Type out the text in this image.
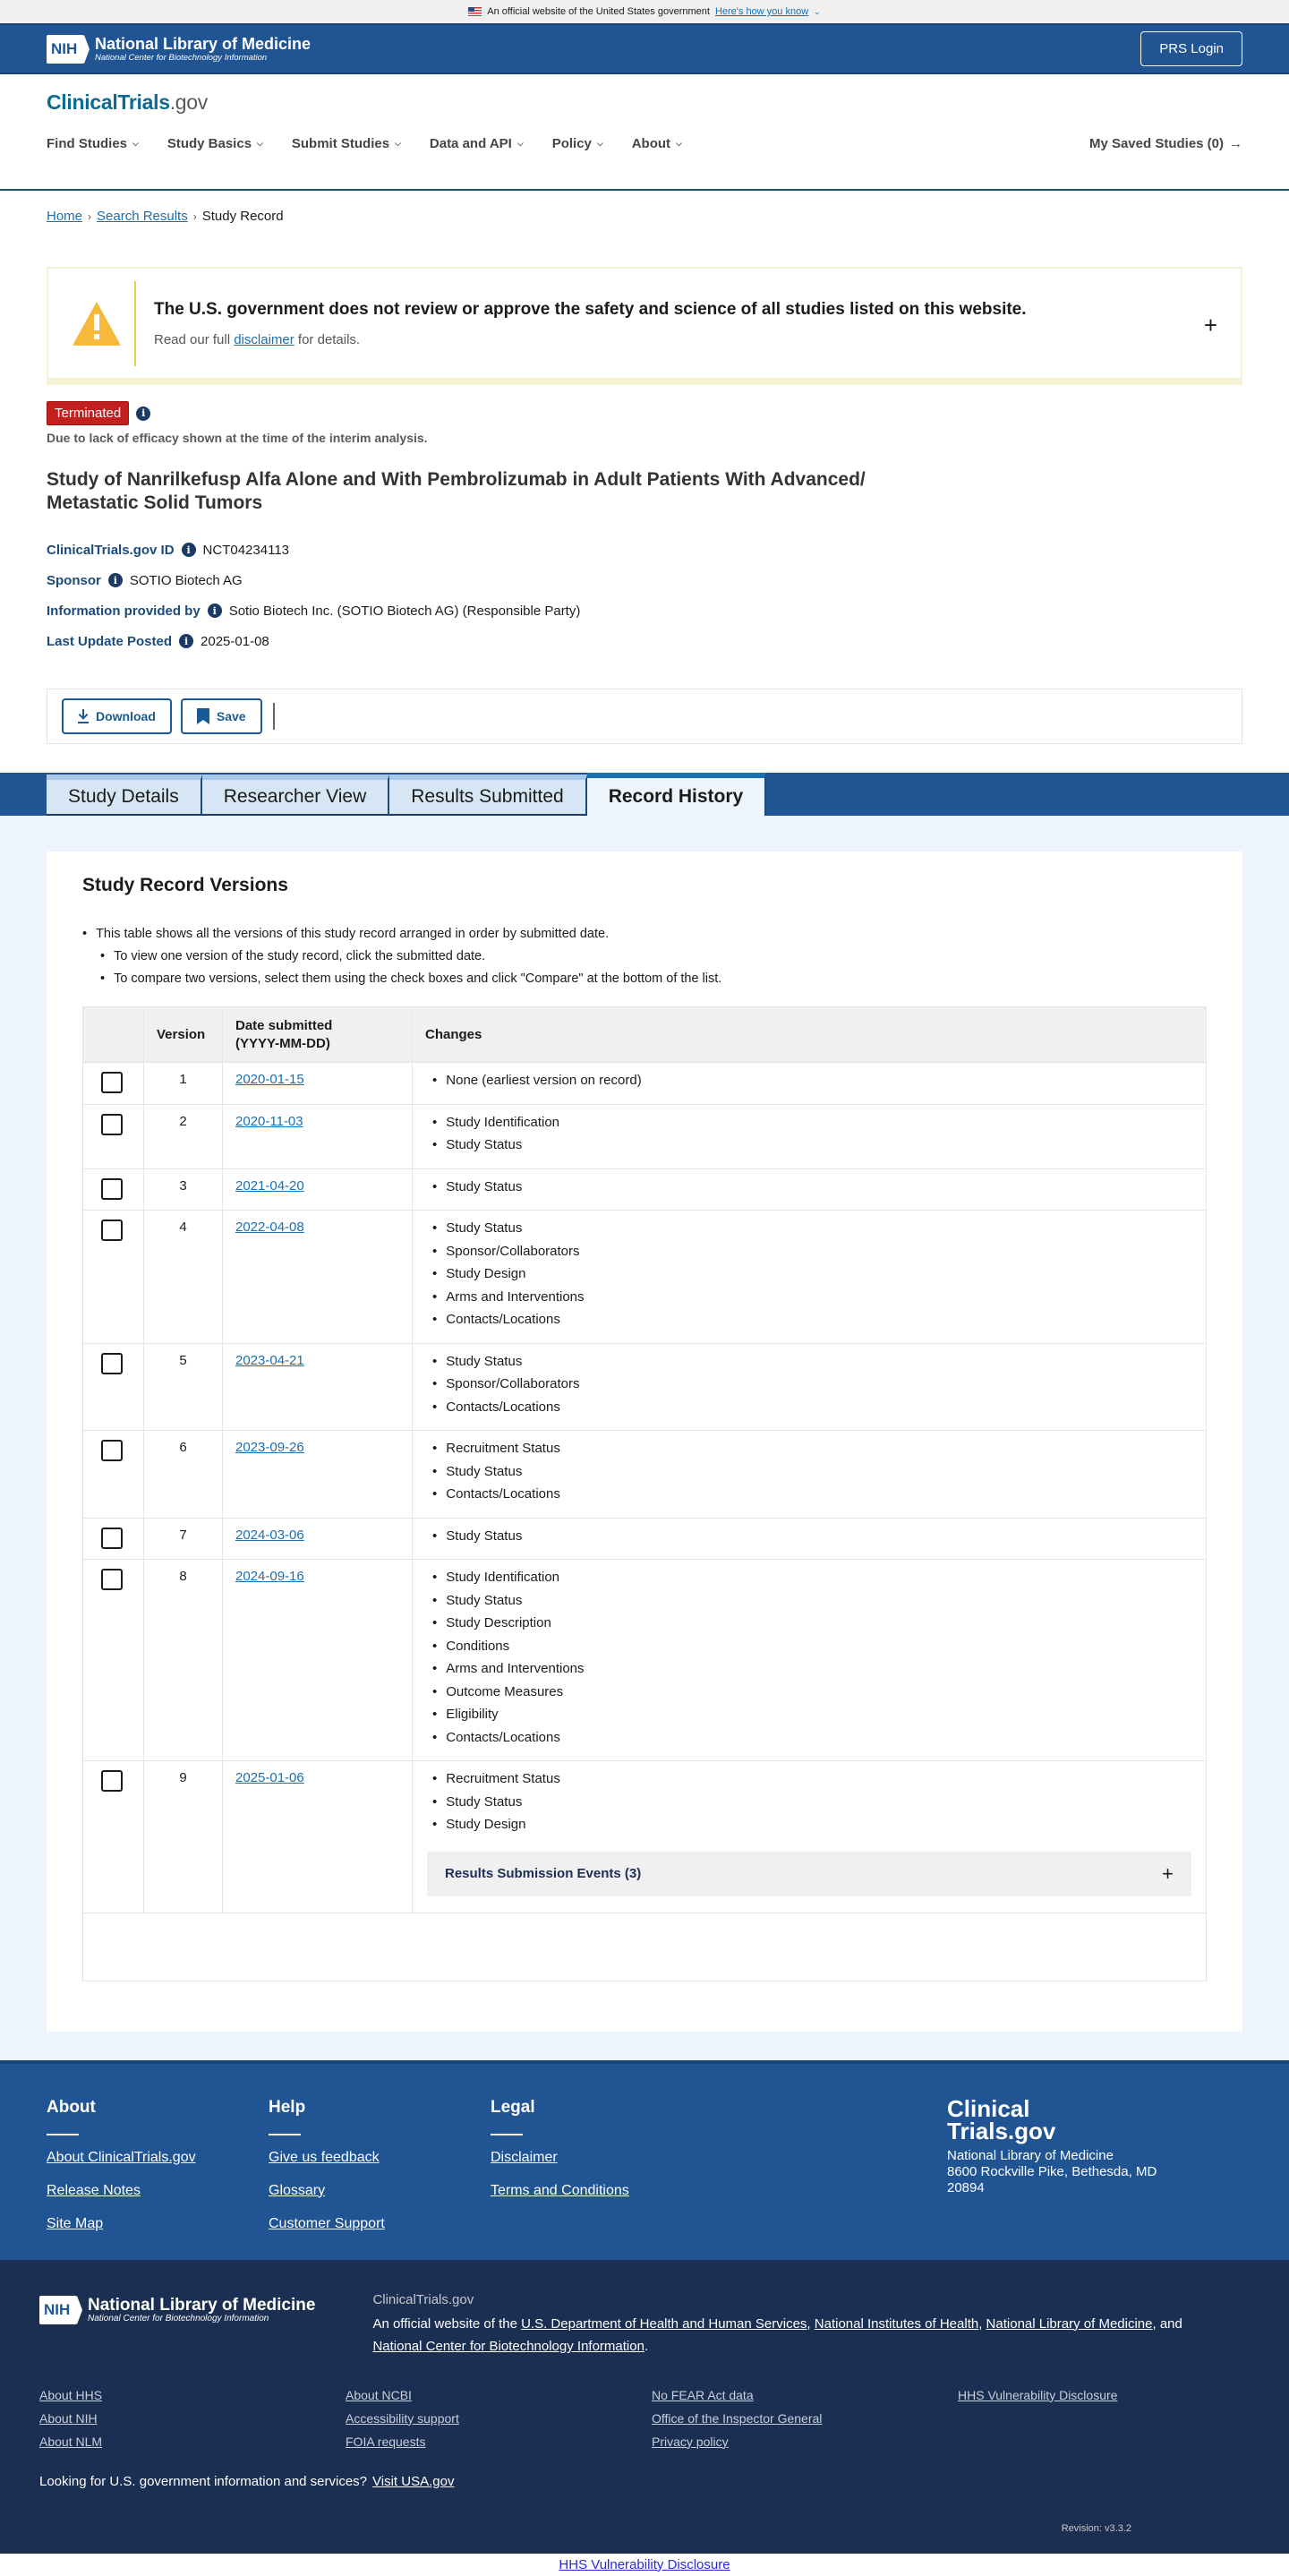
An official website of the United States government Here's how you know ⌄
NIH	National Library of Medicine
National Center for Biotechnology Information
PRS Login
ClinicalTrials.gov
Find Studies ⌵ Study Basics ⌵ Submit Studies ⌵ Data and API ⌵ Policy ⌵ About ⌵	My Saved Studies (0) →
Home › Search Results › Study Record
The U.S. government does not review or approve the safety and science of all studies listed on this website.
Read our full disclaimer for details.
+
Terminated	i
Due to lack of efficacy shown at the time of the interim analysis.
Study of Nanrilkefusp Alfa Alone and With Pembrolizumab in Adult Patients With Advanced/ Metastatic Solid Tumors
ClinicalTrials.gov ID	i NCT04234113
Sponsor	i SOTIO Biotech AG
Information provided by	i Sotio Biotech Inc. (SOTIO Biotech AG) (Responsible Party)
Last Update Posted	i 2025-01-08
Download	Save
Study Details	Researcher View	Results Submitted	Record History
Study Record Versions
• This table shows all the versions of this study record arranged in order by submitted date.
• To view one version of the study record, click the submitted date.
• To compare two versions, select them using the check boxes and click "Compare" at the bottom of the list.
	Version	Date submitted
(YYYY-MM-DD)	Changes

	1	2020-01-15	
•None (earliest version on record)

	2	2020-11-03	
•Study Identification
• Study Status

	3	2021-04-20	
•Study Status

	4	2022-04-08	
•Study Status
• Sponsor/Collaborators
• Study Design
• Arms and Interventions
• Contacts/Locations

	5	2023-04-21	
•Study Status
• Sponsor/Collaborators
• Contacts/Locations

	6	2023-09-26	
•Recruitment Status
• Study Status
• Contacts/Locations

	7	2024-03-06	
•Study Status

	8	2024-09-16	
•Study Identification
• Study Status
• Study Description
• Conditions
• Arms and Interventions
• Outcome Measures
• Eligibility
• Contacts/Locations

	9	2025-01-06	
•Recruitment Status
• Study Status
• Study Design
Results Submission Events (3)	+

About
About ClinicalTrials.gov
Release Notes
Site Map
Help
Give us feedback
Glossary
Customer Support
Legal
Disclaimer
Terms and Conditions
Clinical
Trials.gov
National Library of Medicine
8600 Rockville Pike, Bethesda, MD
20894
NIH	National Library of Medicine
National Center for Biotechnology Information
ClinicalTrials.gov
An official website of the U.S. Department of Health and Human Services, National Institutes of Health, National Library of Medicine, and National Center for Biotechnology Information.
About HHS	About NCBI	No FEAR Act data	HHS Vulnerability Disclosure
About NIH	Accessibility support	Office of the Inspector General
About NLM	FOIA requests	Privacy policy
Looking for U.S. government information and services? Visit USA.gov
Revision: v3.3.2
HHS Vulnerability Disclosure
